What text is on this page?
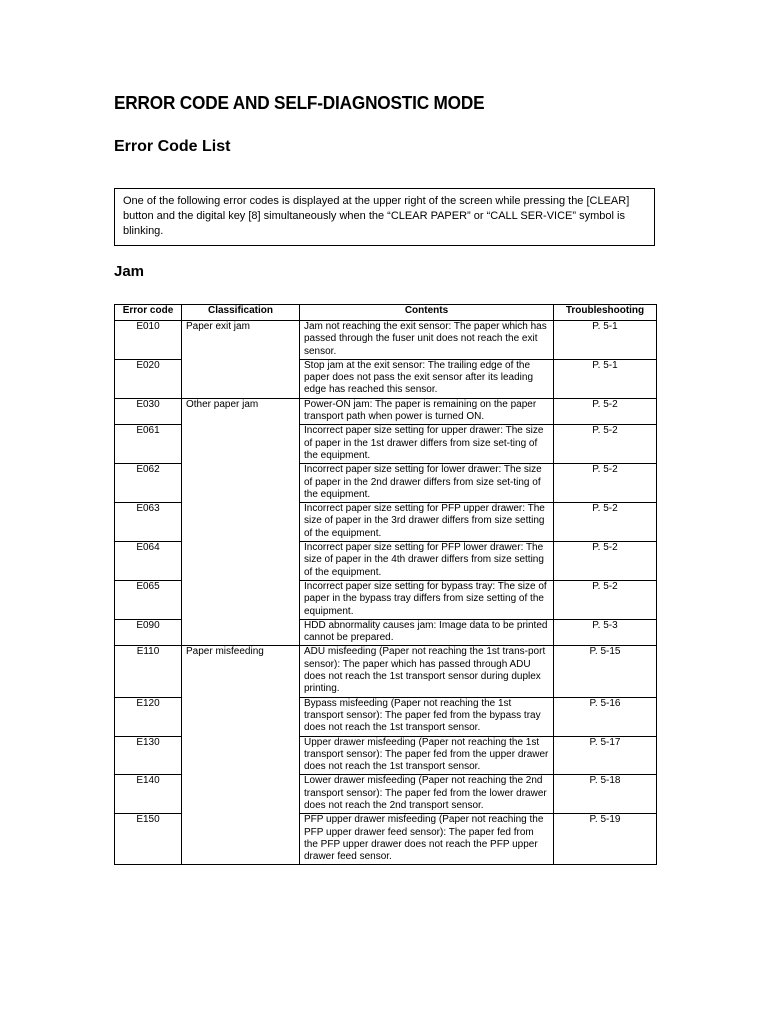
ERROR CODE AND SELF-DIAGNOSTIC MODE
Error Code List
One of the following error codes is displayed at the upper right of the screen while pressing the [CLEAR] button and the digital key [8] simultaneously when the “CLEAR PAPER” or “CALL SER-VICE” symbol is blinking.
Jam
Error code	Classification	Contents	Troubleshooting
E010	Paper exit jam	Jam not reaching the exit sensor: The paper which has passed through the fuser unit does not reach the exit sensor.	P. 5-1
E020		Stop jam at the exit sensor: The trailing edge of the paper does not pass the exit sensor after its leading edge has reached this sensor.	P. 5-1
E030	Other paper jam	Power-ON jam: The paper is remaining on the paper transport path when power is turned ON.	P. 5-2
E061		Incorrect paper size setting for upper drawer: The size of paper in the 1st drawer differs from size set-ting of the equipment.	P. 5-2
E062		Incorrect paper size setting for lower drawer: The size of paper in the 2nd drawer differs from size set-ting of the equipment.	P. 5-2
E063		Incorrect paper size setting for PFP upper drawer: The size of paper in the 3rd drawer differs from size setting of the equipment.	P. 5-2
E064		Incorrect paper size setting for PFP lower drawer: The size of paper in the 4th drawer differs from size setting of the equipment.	P. 5-2
E065		Incorrect paper size setting for bypass tray: The size of paper in the bypass tray differs from size setting of the equipment.	P. 5-2
E090		HDD abnormality causes jam: Image data to be printed cannot be prepared.	P. 5-3
E110	Paper misfeeding	ADU misfeeding (Paper not reaching the 1st trans-port sensor): The paper which has passed through ADU does not reach the 1st transport sensor during duplex printing.	P. 5-15
E120		Bypass misfeeding (Paper not reaching the 1st transport sensor): The paper fed from the bypass tray does not reach the 1st transport sensor.	P. 5-16
E130		Upper drawer misfeeding (Paper not reaching the 1st transport sensor): The paper fed from the upper drawer does not reach the 1st transport sensor.	P. 5-17
E140		Lower drawer misfeeding (Paper not reaching the 2nd transport sensor): The paper fed from the lower drawer does not reach the 2nd transport sensor.	P. 5-18
E150		PFP upper drawer misfeeding (Paper not reaching the PFP upper drawer feed sensor): The paper fed from the PFP upper drawer does not reach the PFP upper drawer feed sensor.	P. 5-19
